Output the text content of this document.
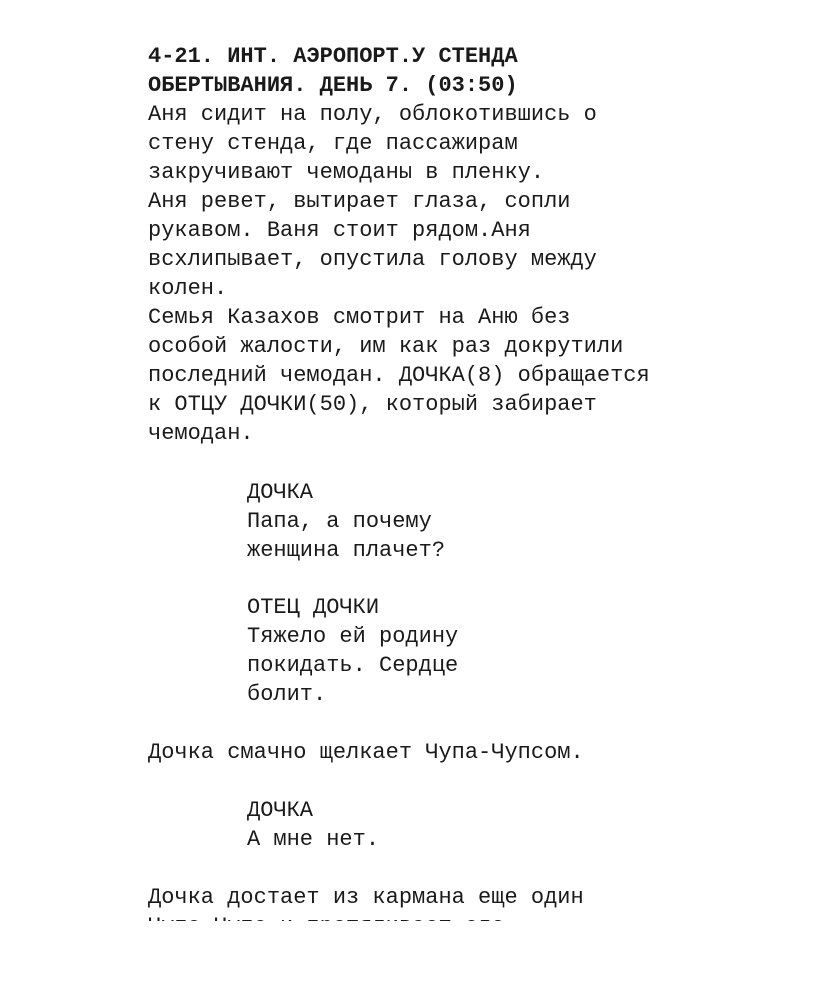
4-21. ИНТ. АЭРОПОРТ.У СТЕНДА
ОБЕРТЫВАНИЯ. ДЕНЬ 7. (03:50)
Аня сидит на полу, облокотившись о
стену стенда, где пассажирам
закручивают чемоданы в пленку.
Аня ревет, вытирает глаза, сопли
рукавом. Ваня стоит рядом.Аня
всхлипывает, опустила голову между
колен.
Семья Казахов смотрит на Аню без
особой жалости, им как раз докрутили
последний чемодан. ДОЧКА(8) обращается
к ОТЦУ ДОЧКИ(50), который забирает
чемодан.
ДОЧКА
Папа, а почему
женщина плачет?
ОТЕЦ ДОЧКИ
Тяжело ей родину
покидать. Сердце
болит.
Дочка смачно щелкает Чупа-Чупсом.
ДОЧКА
А мне нет.
Дочка достает из кармана еще один
